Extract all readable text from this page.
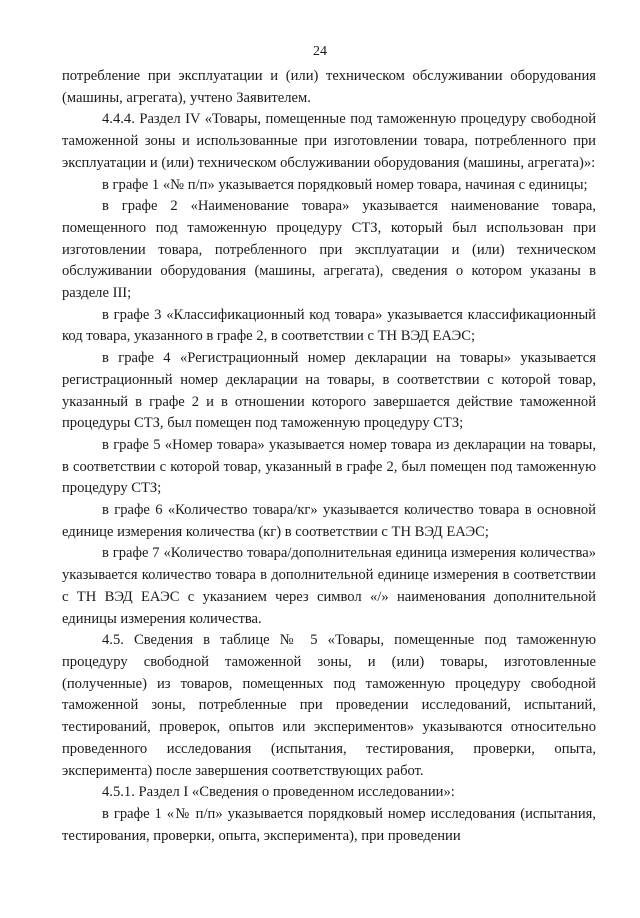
24

потребление при эксплуатации и (или) техническом обслуживании оборудования (машины, агрегата), учтено Заявителем.

4.4.4. Раздел IV «Товары, помещенные под таможенную процедуру свободной таможенной зоны и использованные при изготовлении товара, потребленного при эксплуатации и (или) техническом обслуживании оборудования (машины, агрегата)»:

в графе 1 «№ п/п» указывается порядковый номер товара, начиная с единицы;

в графе 2 «Наименование товара» указывается наименование товара, помещенного под таможенную процедуру СТЗ, который был использован при изготовлении товара, потребленного при эксплуатации и (или) техническом обслуживании оборудования (машины, агрегата), сведения о котором указаны в разделе III;

в графе 3 «Классификационный код товара» указывается классификационный код товара, указанного в графе 2, в соответствии с ТН ВЭД ЕАЭС;

в графе 4 «Регистрационный номер декларации на товары» указывается регистрационный номер декларации на товары, в соответствии с которой товар, указанный в графе 2 и в отношении которого завершается действие таможенной процедуры СТЗ, был помещен под таможенную процедуру СТЗ;

в графе 5 «Номер товара» указывается номер товара из декларации на товары, в соответствии с которой товар, указанный в графе 2, был помещен под таможенную процедуру СТЗ;

в графе 6 «Количество товара/кг» указывается количество товара в основной единице измерения количества (кг) в соответствии с ТН ВЭД ЕАЭС;

в графе 7 «Количество товара/дополнительная единица измерения количества» указывается количество товара в дополнительной единице измерения в соответствии с ТН ВЭД ЕАЭС с указанием через символ «/» наименования дополнительной единицы измерения количества.

4.5. Сведения в таблице № 5 «Товары, помещенные под таможенную процедуру свободной таможенной зоны, и (или) товары, изготовленные (полученные) из товаров, помещенных под таможенную процедуру свободной таможенной зоны, потребленные при проведении исследований, испытаний, тестирований, проверок, опытов или экспериментов» указываются относительно проведенного исследования (испытания, тестирования, проверки, опыта, эксперимента) после завершения соответствующих работ.

4.5.1. Раздел I «Сведения о проведенном исследовании»:

в графе 1 «№ п/п» указывается порядковый номер исследования (испытания, тестирования, проверки, опыта, эксперимента), при проведении
